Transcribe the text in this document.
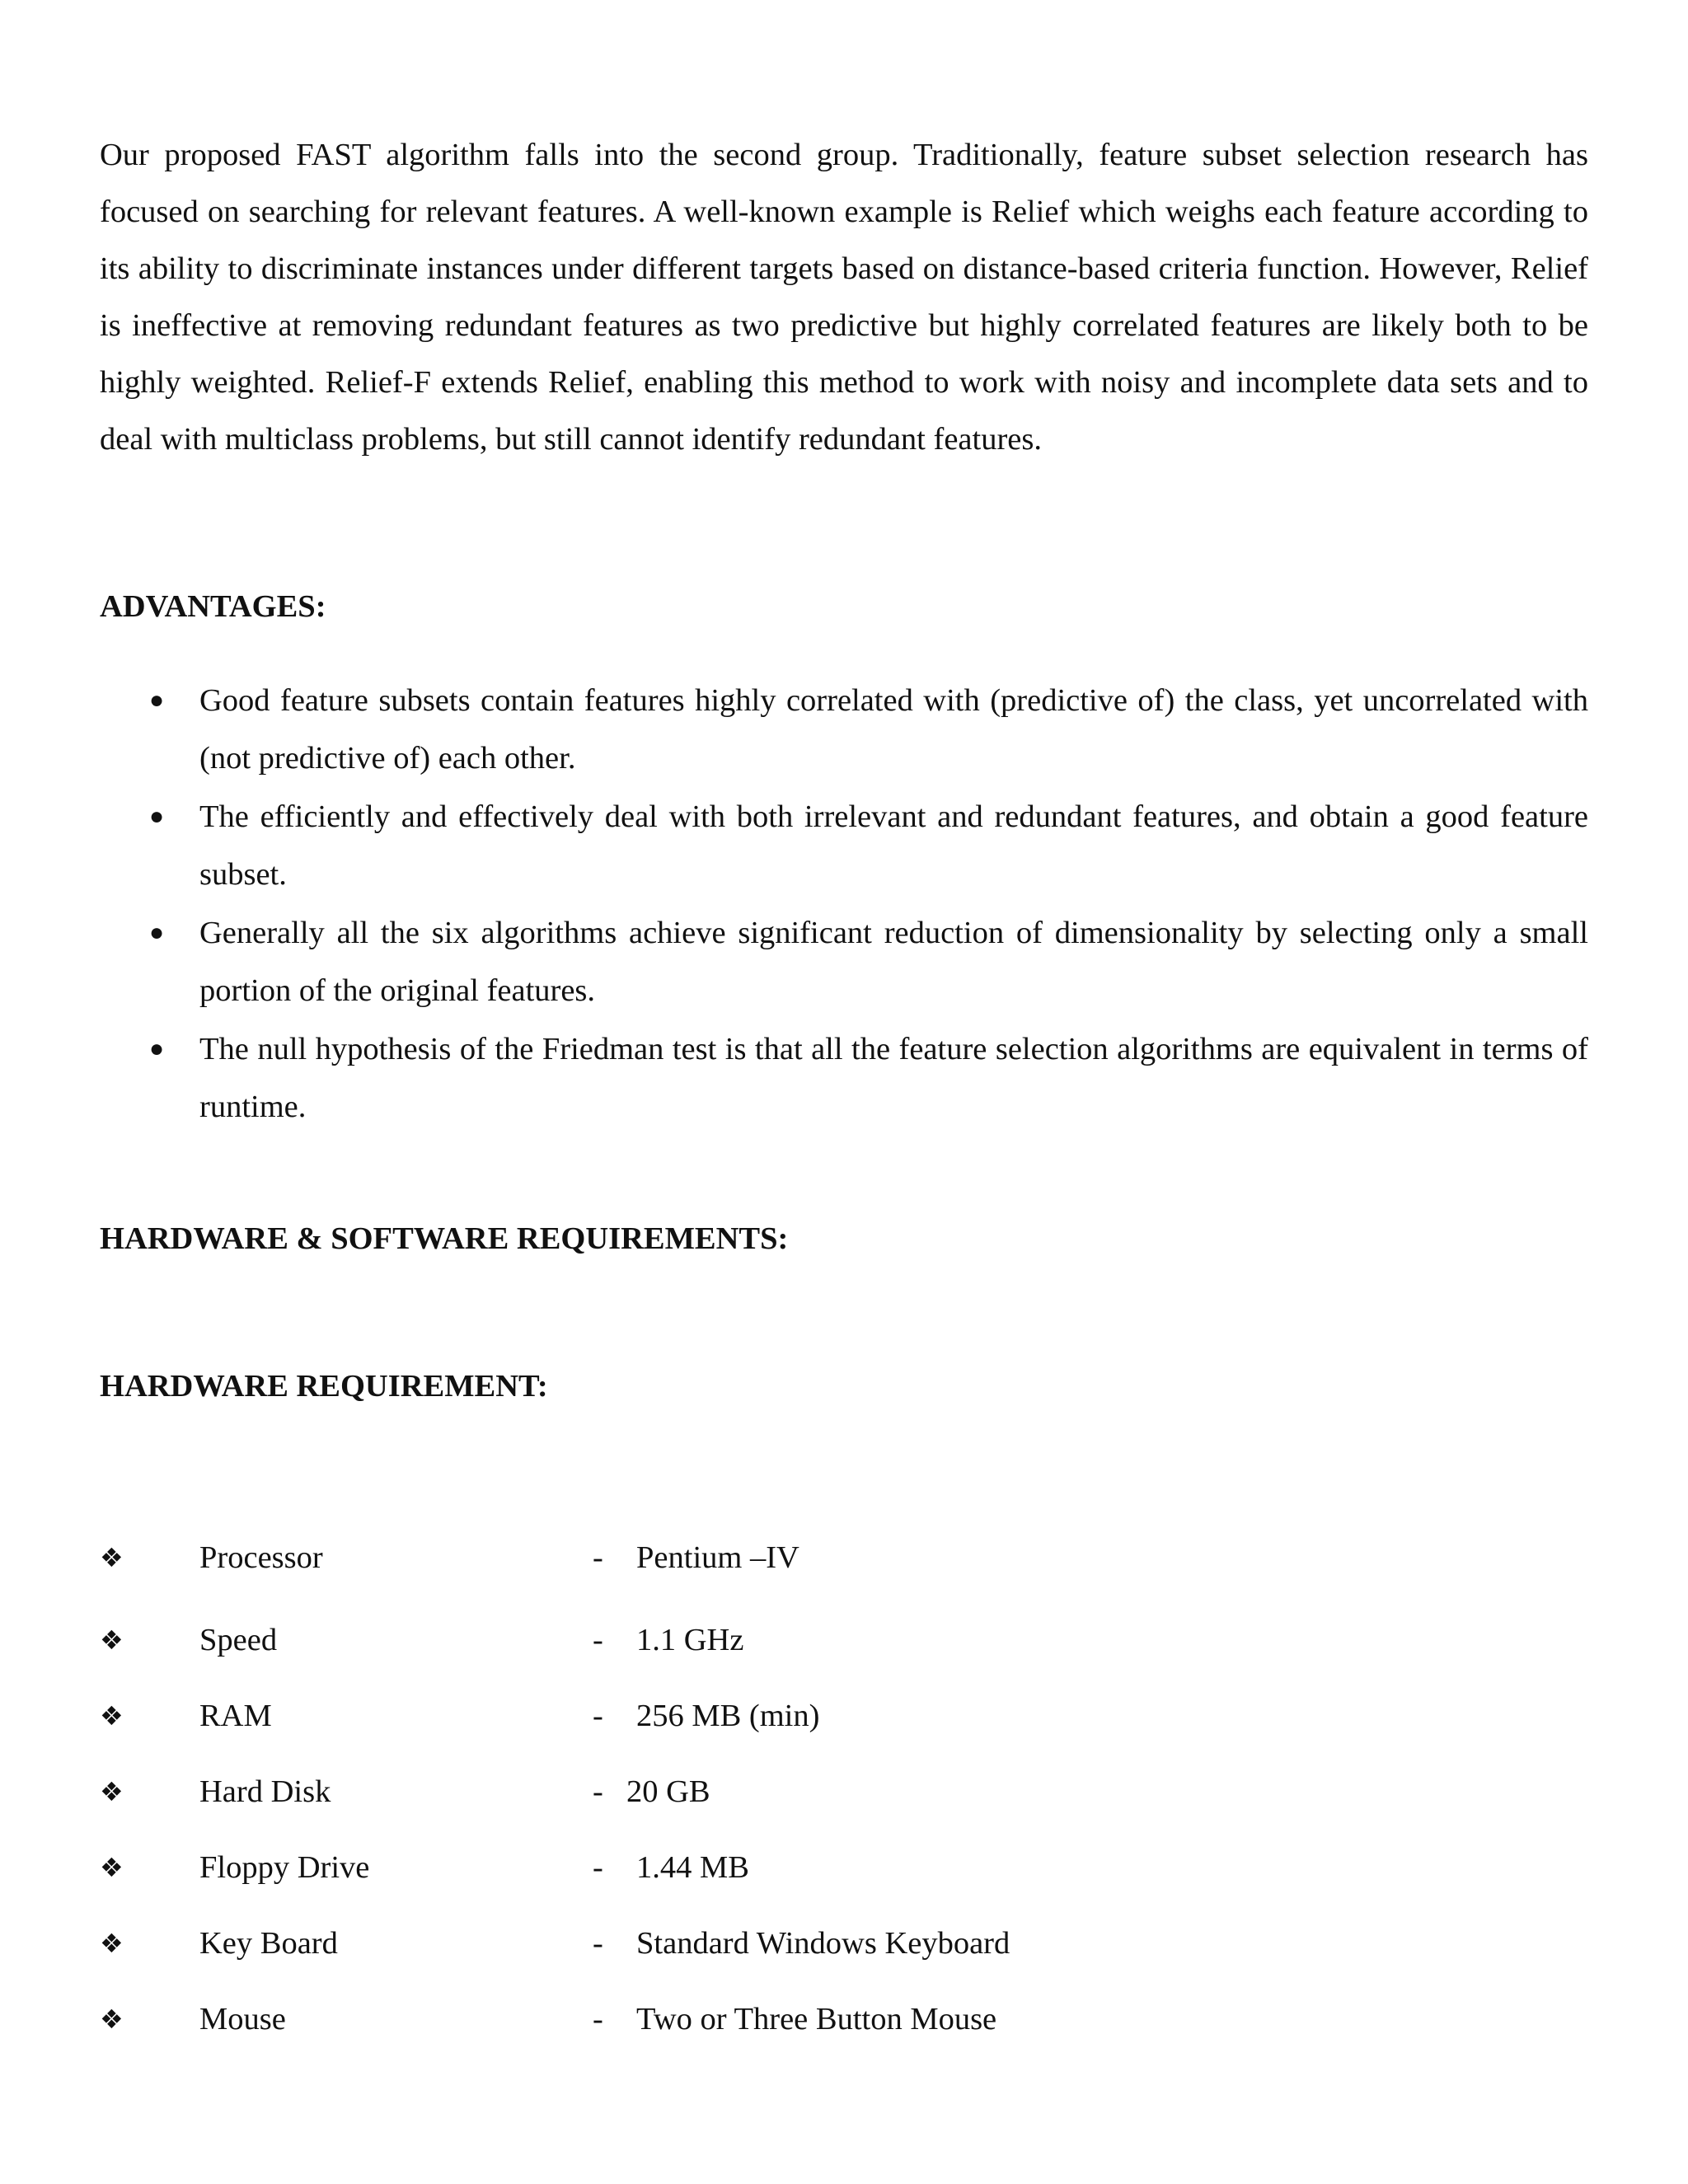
Our proposed FAST algorithm falls into the second group. Traditionally, feature subset selection research has focused on searching for relevant features. A well-known example is Relief which weighs each feature according to its ability to discriminate instances under different targets based on distance-based criteria function. However, Relief is ineffective at removing redundant features as two predictive but highly correlated features are likely both to be highly weighted. Relief-F extends Relief, enabling this method to work with noisy and incomplete data sets and to deal with multiclass problems, but still cannot identify redundant features.

ADVANTAGES:
● Good feature subsets contain features highly correlated with (predictive of) the class, yet uncorrelated with (not predictive of) each other.
● The efficiently and effectively deal with both irrelevant and redundant features, and obtain a good feature subset.
● Generally all the six algorithms achieve significant reduction of dimensionality by selecting only a small portion of the original features.
● The null hypothesis of the Friedman test is that all the feature selection algorithms are equivalent in terms of runtime.
HARDWARE & SOFTWARE REQUIREMENTS:
HARDWARE REQUIREMENT:
❖ Processor	- Pentium –IV
❖ Speed	- 1.1 GHz
❖ RAM	- 256 MB (min)
❖ Hard Disk	- 20 GB
❖ Floppy Drive	- 1.44 MB
❖ Key Board	- Standard Windows Keyboard
❖ Mouse	- Two or Three Button Mouse
